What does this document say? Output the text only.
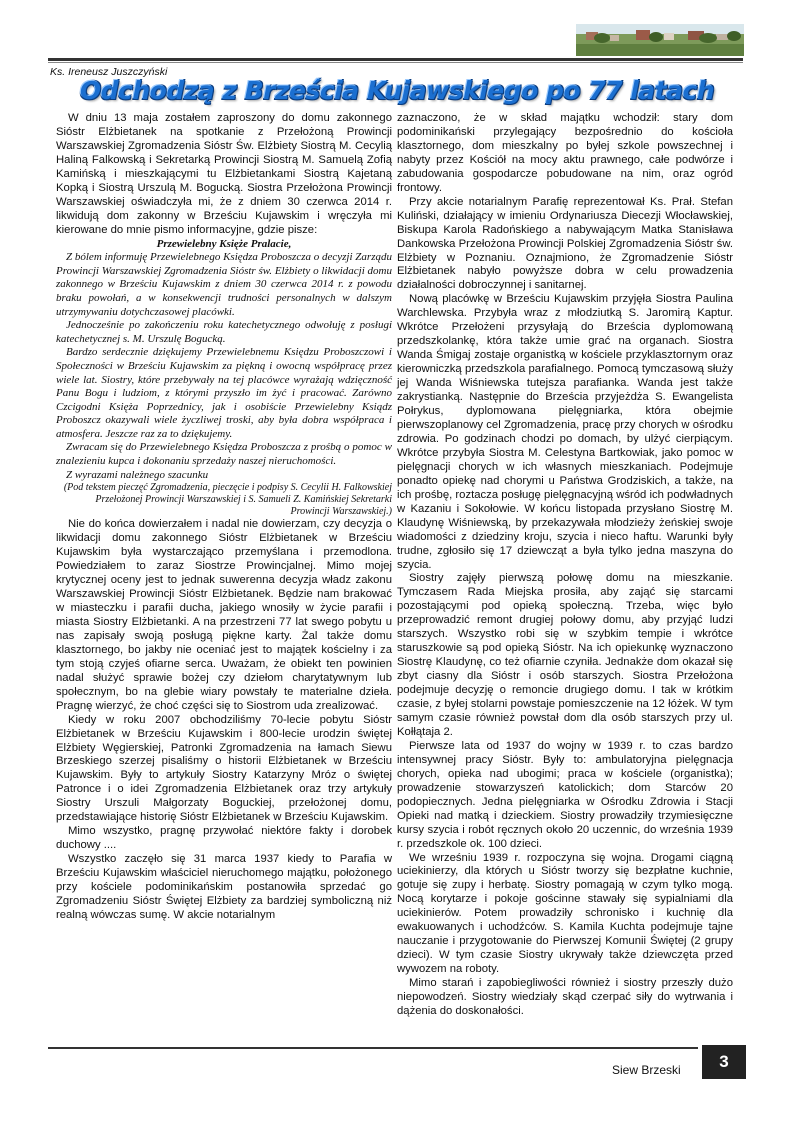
Ks. Ireneusz Juszczyński
Odchodzą z Brześcia Kujawskiego po 77 latach

W dniu 13 maja zostałem zaproszony do domu zakonnego Sióstr Elżbietanek na spotkanie z Przełożoną Prowincji Warszawskiej Zgromadzenia Sióstr Św. Elżbiety Siostrą M. Cecylią Haliną Falkowską i Sekretarką Prowincji Siostrą M. Samuelą Zofią Kamińską i mieszkającymi tu Elżbietankami Siostrą Kajetaną Kopką i Siostrą Urszulą M. Bogucką. Siostra Przełożona Prowincji Warszawskiej oświadczyła mi, że z dniem 30 czerwca 2014 r. likwidują dom zakonny w Brześciu Kujawskim i wręczyła mi kierowane do mnie pismo informacyjne, gdzie pisze:

Przewielebny Księże Pralacie,

Z bólem informuję Przewielebnego Księdza Proboszcza o decyzji Zarządu Prowincji Warszawskiej Zgromadzenia Sióstr św. Elżbiety o likwidacji domu zakonnego w Brześciu Kujawskim z dniem 30 czerwca 2014 r. z powodu braku powołań, a w konsekwencji trudności personalnych w dalszym utrzymywaniu dotychczasowej placówki.

Jednocześnie po zakończeniu roku katechetycznego odwołuję z posługi katechetycznej s. M. Urszulę Bogucką.

Bardzo serdecznie dziękujemy Przewielebnemu Księdzu Proboszczowi i Społeczności w Brześciu Kujawskim za piękną i owocną współpracę przez wiele lat. Siostry, które przebywały na tej placówce wyrażają wdzięczność Panu Bogu i ludziom, z którymi przyszło im żyć i pracować. Zarówno Czcigodni Księża Poprzednicy, jak i osobiście Przewielebny Ksiądz Proboszcz okazywali wiele życzliwej troski, aby była dobra współpraca i atmosfera. Jeszcze raz za to dziękujemy.

Zwracam się do Przewielebnego Księdza Proboszcza z prośbą o pomoc w znalezieniu kupca i dokonaniu sprzedaży naszej nieruchomości.

Z wyrazami należnego szacunku

(Pod tekstem pieczęć Zgromadzenia, pieczęcie i podpisy S. Cecylii H. Falkowskiej Przełożonej Prowincji Warszawskiej i S. Samueli Z. Kamińskiej Sekretarki Prowincji Warszawskiej.)

Nie do końca dowierzałem i nadal nie dowierzam, czy decyzja o likwidacji domu zakonnego Sióstr Elżbietanek w Brześciu Kujawskim była wystarczająco przemyślana i przemodlona. Powiedziałem to zaraz Siostrze Prowincjalnej. Mimo mojej krytycznej oceny jest to jednak suwerenna decyzja władz zakonu Warszawskiej Prowincji Sióstr Elżbietanek. Będzie nam brakować w miasteczku i parafii ducha, jakiego wnosiły w życie parafii i miasta Siostry Elżbietanki. A na przestrzeni 77 lat swego pobytu u nas zapisały swoją posługą piękne karty. Żal także domu klasztornego, bo jakby nie oceniać jest to majątek kościelny i za tym stoją czyjeś ofiarne serca. Uważam, że obiekt ten powinien nadal służyć sprawie bożej czy dziełom charytatywnym lub społecznym, bo na glebie wiary powstały te materialne dzieła. Pragnę wierzyć, że choć części się to Siostrom uda zrealizować.

Kiedy w roku 2007 obchodziliśmy 70-lecie pobytu Sióstr Elżbietanek w Brześciu Kujawskim i 800-lecie urodzin świętej Elżbiety Węgierskiej, Patronki Zgromadzenia na łamach Siewu Brzeskiego szerzej pisaliśmy o historii Elżbietanek w Brześciu Kujawskim. Były to artykuły Siostry Katarzyny Mróz o świętej Patronce i o idei Zgromadzenia Elżbietanek oraz trzy artykuły Siostry Urszuli Małgorzaty Boguckiej, przełożonej domu, przedstawiające historię Sióstr Elżbietanek w Brześciu Kujawskim.

Mimo wszystko, pragnę przywołać niektóre fakty i dorobek duchowy ....

Wszystko zaczęło się 31 marca 1937 kiedy to Parafia w Brześciu Kujawskim właściciel nieruchomego majątku, położonego przy kościele podominikańskim postanowiła sprzedać go Zgromadzeniu Sióstr Świętej Elżbiety za bardziej symboliczną niż realną wówczas sumę. W akcie notarialnym

zaznaczono, że w skład majątku wchodził: stary dom podominikański przylegający bezpośrednio do kościoła klasztornego, dom mieszkalny po byłej szkole powszechnej i nabyty przez Kościół na mocy aktu prawnego, całe podwórze i zabudowania gospodarcze pobudowane na nim, oraz ogród frontowy.

Przy akcie notarialnym Parafię reprezentował Ks. Prał. Stefan Kuliński, działający w imieniu Ordynariusza Diecezji Włocławskiej, Biskupa Karola Radońskiego a nabywającym Matka Stanisława Dankowska Przełożona Prowincji Polskiej Zgromadzenia Sióstr św. Elżbiety w Poznaniu. Oznajmiono, że Zgromadzenie Sióstr Elżbietanek nabyło powyższe dobra w celu prowadzenia działalności dobroczynnej i sanitarnej.

Nową placówkę w Brześciu Kujawskim przyjęła Siostra Paulina Warchlewska. Przybyła wraz z młodziutką S. Jaromirą Kaptur. Wkrótce Przełożeni przysyłają do Brześcia dyplomowaną przedszkolankę, która także umie grać na organach. Siostra Wanda Śmigaj zostaje organistką w kościele przyklasztornym oraz kierowniczką przedszkola parafialnego. Pomocą tymczasową służy jej Wanda Wiśniewska tutejsza parafianka. Wanda jest także zakrystianką. Następnie do Brześcia przyjeżdża S. Ewangelista Połrykus, dyplomowana pielęgniarka, która obejmie pierwszoplanowy cel Zgromadzenia, pracę przy chorych w ośrodku zdrowia. Po godzinach chodzi po domach, by ulżyć cierpiącym. Wkrótce przybyła Siostra M. Celestyna Bartkowiak, jako pomoc w pielęgnacji chorych w ich własnych mieszkaniach. Podejmuje ponadto opiekę nad chorymi u Państwa Grodziskich, a także, na ich prośbę, roztacza posługę pielęgnacyjną wśród ich podwładnych w Kazaniu i Sokołowie. W końcu listopada przysłano Siostrę M. Klaudynę Wiśniewską, by przekazywała młodzieży żeńskiej swoje wiadomości z dziedziny kroju, szycia i nieco haftu. Warunki były trudne, zgłosiło się 17 dziewcząt a była tylko jedna maszyna do szycia.

Siostry zajęły pierwszą połowę domu na mieszkanie. Tymczasem Rada Miejska prosiła, aby zająć się starcami pozostającymi pod opieką społeczną. Trzeba, więc było przeprowadzić remont drugiej połowy domu, aby przyjąć ludzi starszych. Wszystko robi się w szybkim tempie i wkrótce staruszkowie są pod opieką Sióstr. Na ich opiekunkę wyznaczono Siostrę Klaudynę, co też ofiarnie czyniła. Jednakże dom okazał się zbyt ciasny dla Sióstr i osób starszych. Siostra Przełożona podejmuje decyzję o remoncie drugiego domu. I tak w krótkim czasie, z byłej stolarni powstaje pomieszczenie na 12 łóżek. W tym samym czasie również powstał dom dla osób starszych przy ul. Kołłątaja 2.

Pierwsze lata od 1937 do wojny w 1939 r. to czas bardzo intensywnej pracy Sióstr. Były to: ambulatoryjna pielęgnacja chorych, opieka nad ubogimi; praca w kościele (organistka); prowadzenie stowarzyszeń katolickich; dom Starców 20 podopiecznych. Jedna pielęgniarka w Ośrodku Zdrowia i Stacji Opieki nad matką i dzieckiem. Siostry prowadziły trzymiesięczne kursy szycia i robót ręcznych około 20 uczennic, do września 1939 r. przedszkole ok. 100 dzieci.

We wrześniu 1939 r. rozpoczyna się wojna. Drogami ciągną uciekinierzy, dla których u Sióstr tworzy się bezpłatne kuchnie, gotuje się zupy i herbatę. Siostry pomagają w czym tylko mogą. Nocą korytarze i pokoje gościnne stawały się sypialniami dla uciekinierów. Potem prowadziły schronisko i kuchnię dla ewakuowanych i uchodźców. S. Kamila Kuchta podejmuje tajne nauczanie i przygotowanie do Pierwszej Komunii Świętej (2 grupy dzieci). W tym czasie Siostry ukrywały także dziewczęta przed wywozem na roboty.

Mimo starań i zapobiegliwości również i siostry przeszły dużo niepowodzeń. Siostry wiedziały skąd czerpać siły do wytrwania i dążenia do doskonałości.

Siew Brzeski	3
